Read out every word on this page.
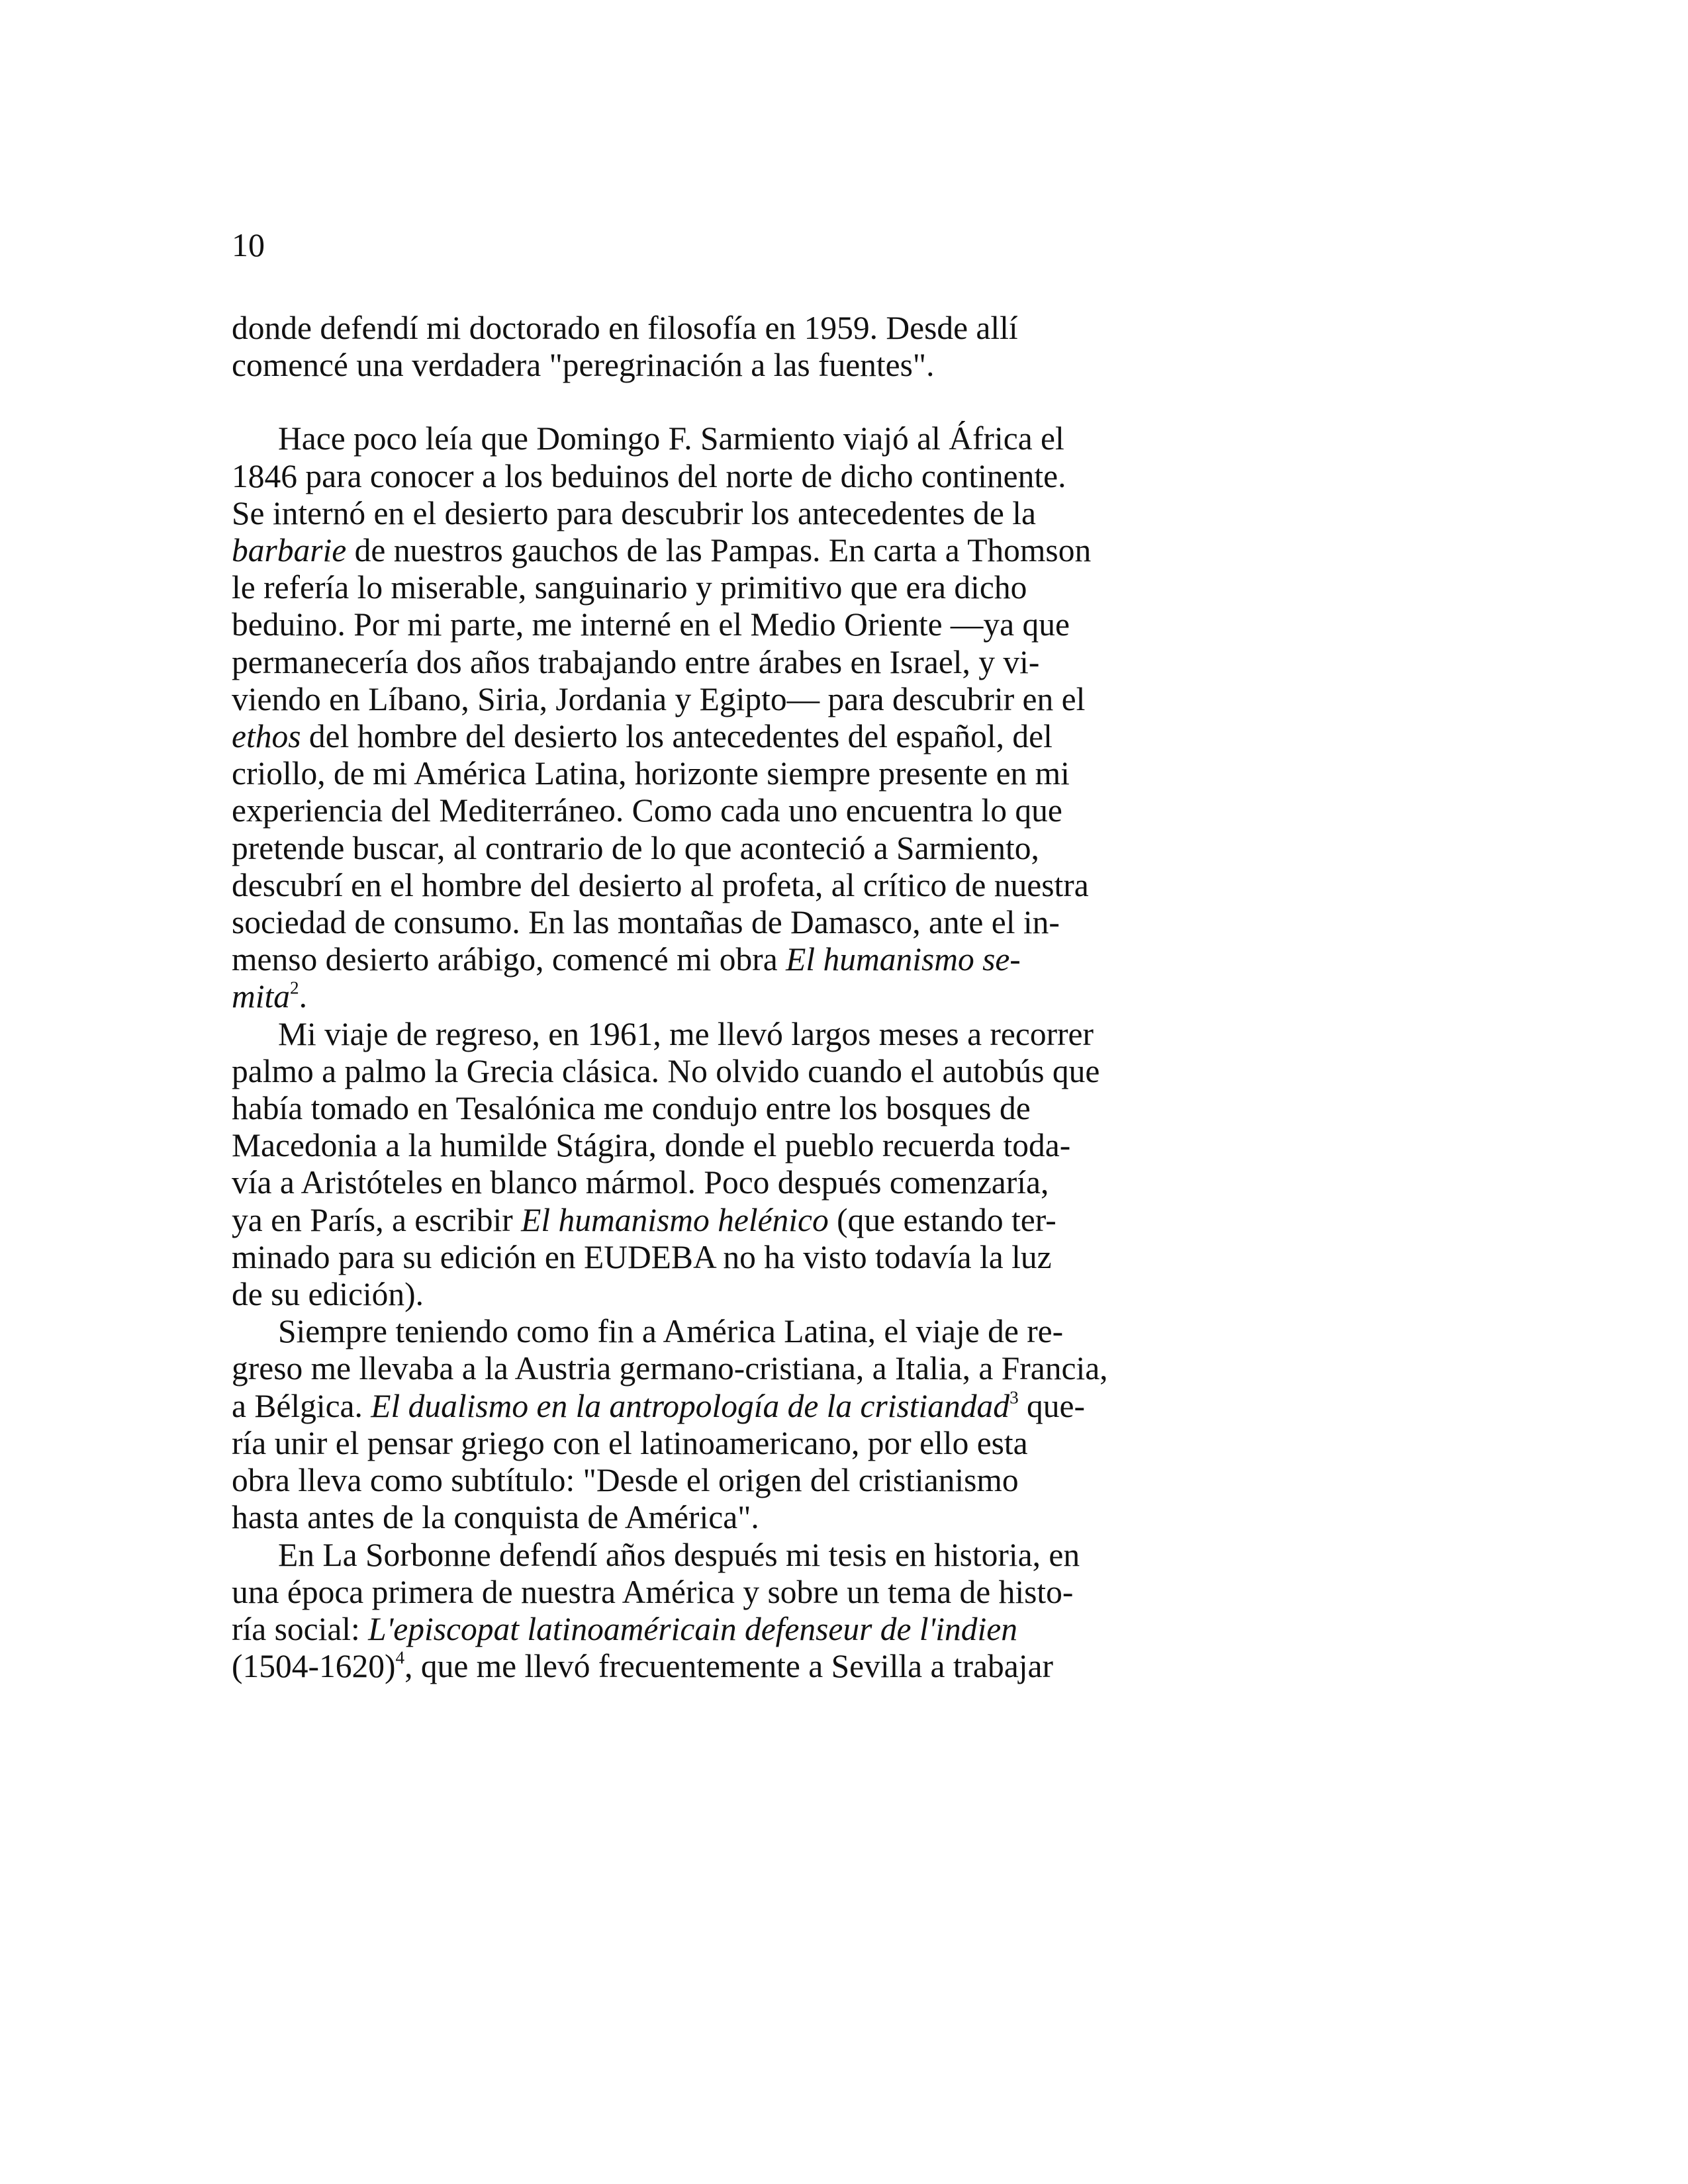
10
donde defendí mi doctorado en filosofía en 1959. Desde allí
comencé una verdadera "peregrinación a las fuentes".
Hace poco leía que Domingo F. Sarmiento viajó al África el
1846 para conocer a los beduinos del norte de dicho continente.
Se internó en el desierto para descubrir los antecedentes de la
barbarie de nuestros gauchos de las Pampas. En carta a Thomson
le refería lo miserable, sanguinario y primitivo que era dicho
beduino. Por mi parte, me interné en el Medio Oriente —ya que
permanecería dos años trabajando entre árabes en Israel, y vi-
viendo en Líbano, Siria, Jordania y Egipto— para descubrir en el
ethos del hombre del desierto los antecedentes del español, del
criollo, de mi América Latina, horizonte siempre presente en mi
experiencia del Mediterráneo. Como cada uno encuentra lo que
pretende buscar, al contrario de lo que aconteció a Sarmiento,
descubrí en el hombre del desierto al profeta, al crítico de nuestra
sociedad de consumo. En las montañas de Damasco, ante el in-
menso desierto arábigo, comencé mi obra El humanismo se-
mita$^2$.
Mi viaje de regreso, en 1961, me llevó largos meses a recorrer
palmo a palmo la Grecia clásica. No olvido cuando el autobús que
había tomado en Tesalónica me condujo entre los bosques de
Macedonia a la humilde Stágira, donde el pueblo recuerda toda-
vía a Aristóteles en blanco mármol. Poco después comenzaría,
ya en París, a escribir El humanismo helénico (que estando ter-
minado para su edición en EUDEBA no ha visto todavía la luz
de su edición).
Siempre teniendo como fin a América Latina, el viaje de re-
greso me llevaba a la Austria germano-cristiana, a Italia, a Francia,
a Bélgica. El dualismo en la antropología de la cristiandad$^3$ que-
ría unir el pensar griego con el latinoamericano, por ello esta
obra lleva como subtítulo: "Desde el origen del cristianismo
hasta antes de la conquista de América".
En La Sorbonne defendí años después mi tesis en historia, en
una época primera de nuestra América y sobre un tema de histo-
ría social: L'episcopat latinoaméricain defenseur de l'indien
(1504-1620)$^4$, que me llevó frecuentemente a Sevilla a trabajar
